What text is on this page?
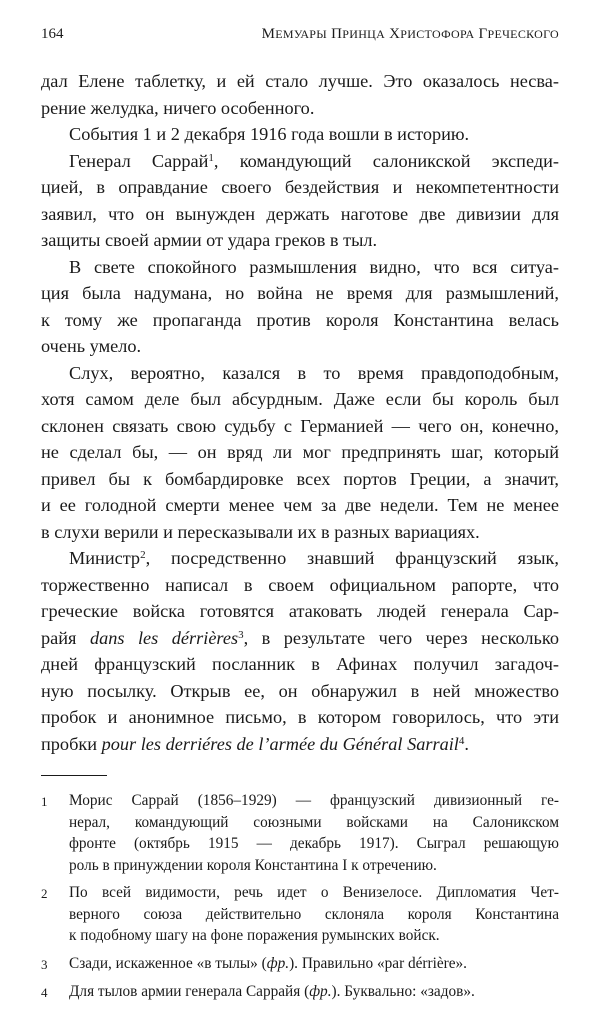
164	МЕМУАРЫ ПРИНЦА ХРИСТОФОРА ГРЕЧЕСКОГО

дал Елене таблетку, и ей стало лучше. Это оказалось несва-
рение желудка, ничего особенного.

События 1 и 2 декабря 1916 года вошли в историю.

Генерал Саррай$^1$, командующий салоникской экспеди-
цией, в оправдание своего бездействия и некомпетентности
заявил, что он вынужден держать наготове две дивизии для
защиты своей армии от удара греков в тыл.

В свете спокойного размышления видно, что вся ситуа-
ция была надумана, но война не время для размышлений,
к тому же пропаганда против короля Константина велась
очень умело.

Слух, вероятно, казался в то время правдоподобным,
хотя самом деле был абсурдным. Даже если бы король был
склонен связать свою судьбу с Германией — чего он, конечно,
не сделал бы, — он вряд ли мог предпринять шаг, который
привел бы к бомбардировке всех портов Греции, а значит,
и ее голодной смерти менее чем за две недели. Тем не менее
в слухи верили и пересказывали их в разных вариациях.

Министр$^2$, посредственно знавший французский язык,
торжественно написал в своем официальном рапорте, что
греческие войска готовятся атаковать людей генерала Сар-
райя dans les dérrières$^3$, в результате чего через несколько
дней французский посланник в Афинах получил загадоч-
ную посылку. Открыв ее, он обнаружил в ней множество
пробок и анонимное письмо, в котором говорилось, что эти
пробки pour les derriéres de l’armée du Général Sarrail$^4$.

1	Морис Саррай (1856–1929) — французский дивизионный ге-
нерал, командующий союзными войсками на Салоникском
фронте (октябрь 1915 — декабрь 1917). Сыграл решающую
роль в принуждении короля Константина I к отречению.
2	По всей видимости, речь идет о Венизелосе. Дипломатия Чет-
верного союза действительно склоняла короля Константина
к подобному шагу на фоне поражения румынских войск.
3	Сзади, искаженное «в тылы» (фр.). Правильно «par dérrière».
4	Для тылов армии генерала Саррайя (фр.). Буквально: «задов».
